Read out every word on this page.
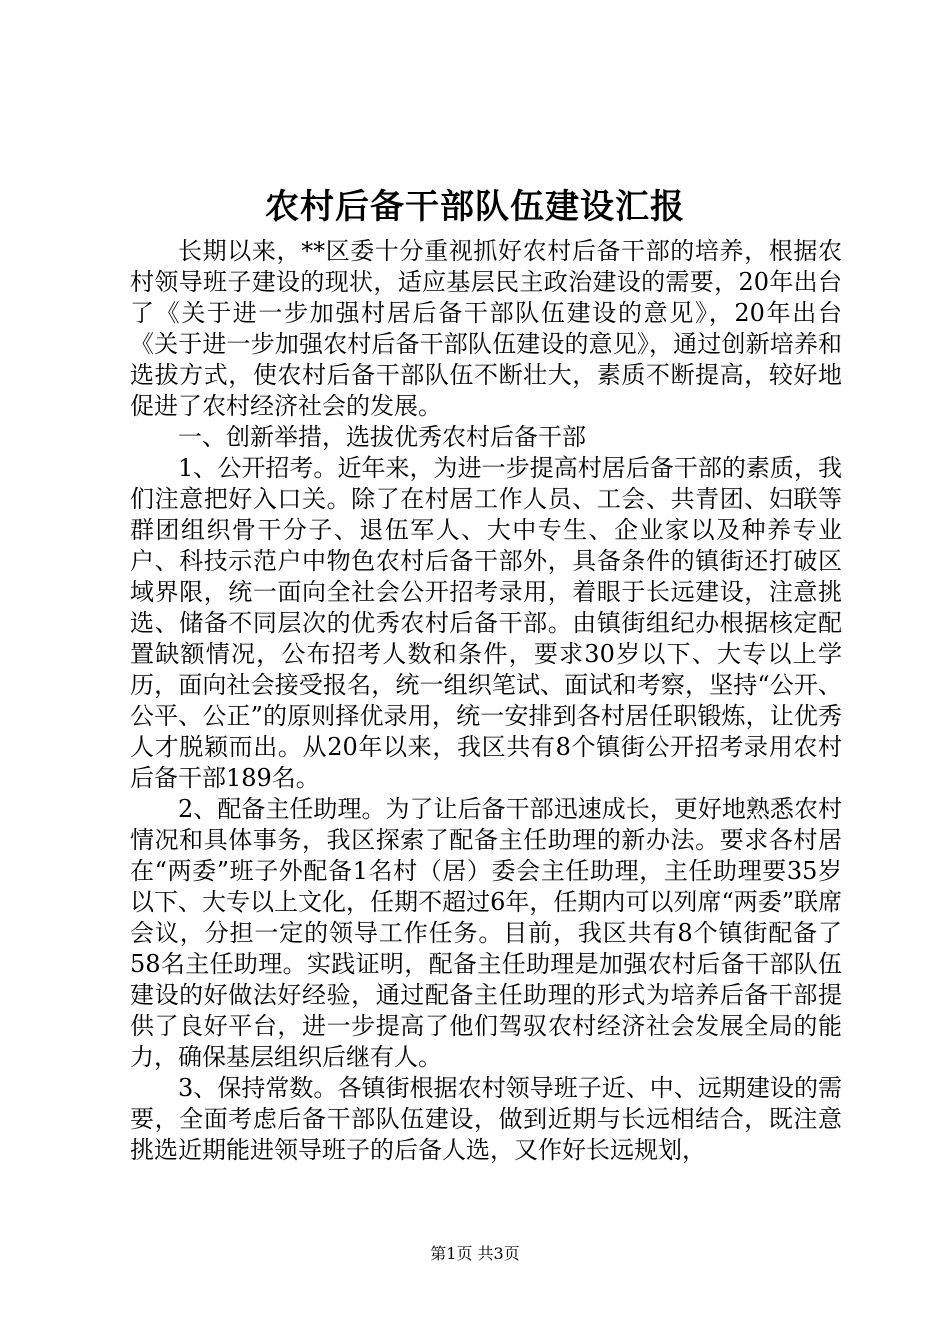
农村后备干部队伍建设汇报

长期以来，**区委十分重视抓好农村后备干部的培养，根据农村领导班子建设的现状，适应基层民主政治建设的需要，20年出台了《关于进一步加强村居后备干部队伍建设的意见》，20年出台《关于进一步加强农村后备干部队伍建设的意见》，通过创新培养和选拔方式，使农村后备干部队伍不断壮大，素质不断提高，较好地促进了农村经济社会的发展。

一、创新举措，选拔优秀农村后备干部

1、公开招考。近年来，为进一步提高村居后备干部的素质，我们注意把好入口关。除了在村居工作人员、工会、共青团、妇联等群团组织骨干分子、退伍军人、大中专生、企业家以及种养专业户、科技示范户中物色农村后备干部外，具备条件的镇街还打破区域界限，统一面向全社会公开招考录用，着眼于长远建设，注意挑选、储备不同层次的优秀农村后备干部。由镇街组纪办根据核定配置缺额情况，公布招考人数和条件，要求30岁以下、大专以上学历，面向社会接受报名，统一组织笔试、面试和考察，坚持“公开、公平、公正”的原则择优录用，统一安排到各村居任职锻炼，让优秀人才脱颖而出。从20年以来，我区共有8个镇街公开招考录用农村后备干部189名。

2、配备主任助理。为了让后备干部迅速成长，更好地熟悉农村情况和具体事务，我区探索了配备主任助理的新办法。要求各村居在“两委”班子外配备1名村（居）委会主任助理，主任助理要35岁以下、大专以上文化，任期不超过6年，任期内可以列席“两委”联席会议，分担一定的领导工作任务。目前，我区共有8个镇街配备了58名主任助理。实践证明，配备主任助理是加强农村后备干部队伍建设的好做法好经验，通过配备主任助理的形式为培养后备干部提供了良好平台，进一步提高了他们驾驭农村经济社会发展全局的能力，确保基层组织后继有人。

3、保持常数。各镇街根据农村领导班子近、中、远期建设的需要，全面考虑后备干部队伍建设，做到近期与长远相结合，既注意挑选近期能进领导班子的后备人选，又作好长远规划，

第1页 共3页
